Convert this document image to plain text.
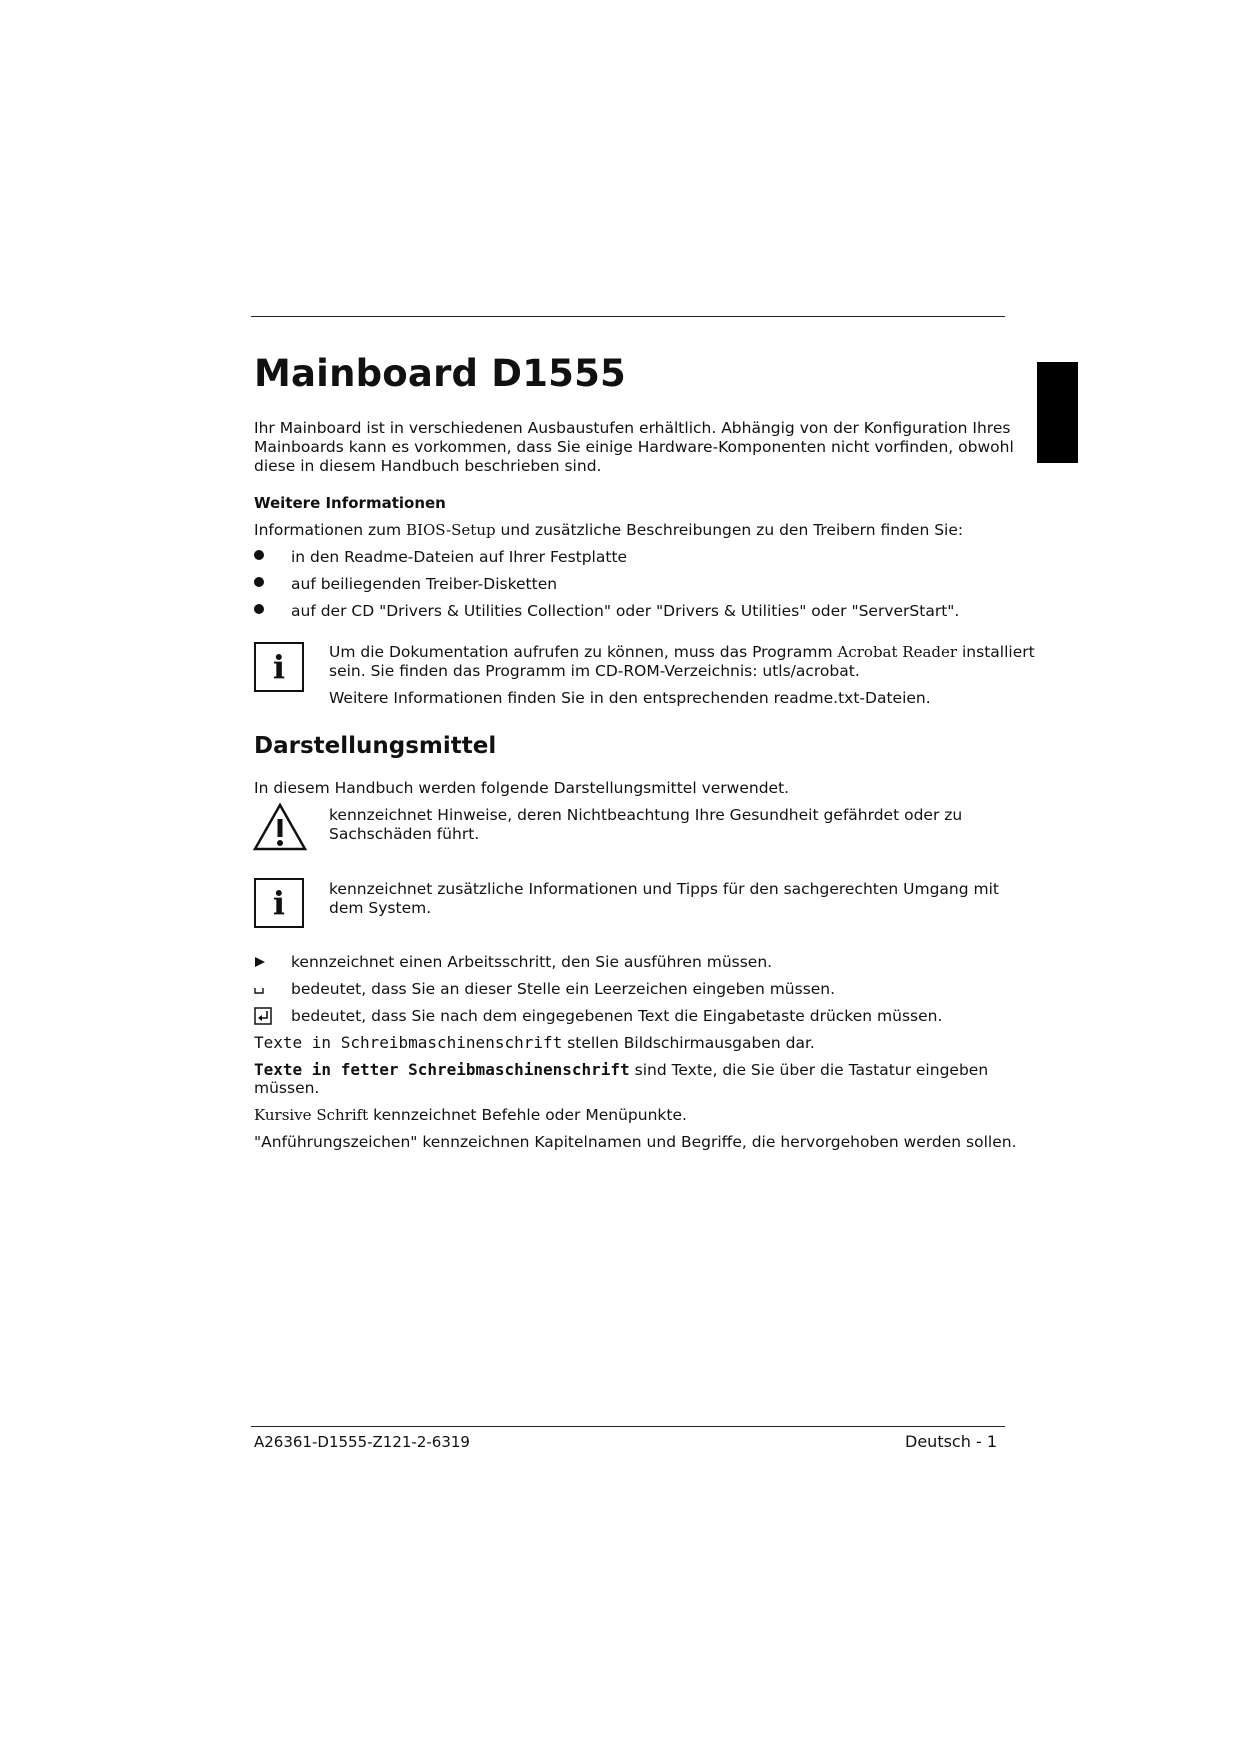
Mainboard D1555
Ihr Mainboard ist in verschiedenen Ausbaustufen erhältlich. Abhängig von der Konfiguration Ihres
Mainboards kann es vorkommen, dass Sie einige Hardware-Komponenten nicht vorfinden, obwohl
diese in diesem Handbuch beschrieben sind.
Weitere Informationen
Informationen zum BIOS-Setup und zusätzliche Beschreibungen zu den Treibern finden Sie:
in den Readme-Dateien auf Ihrer Festplatte
auf beiliegenden Treiber-Disketten
auf der CD "Drivers & Utilities Collection" oder "Drivers & Utilities" oder "ServerStart".
i	Um die Dokumentation aufrufen zu können, muss das Programm Acrobat Reader installiert
sein. Sie finden das Programm im CD-ROM-Verzeichnis: utls/acrobat.
Weitere Informationen finden Sie in den entsprechenden readme.txt-Dateien.
Darstellungsmittel
In diesem Handbuch werden folgende Darstellungsmittel verwendet.
kennzeichnet Hinweise, deren Nichtbeachtung Ihre Gesundheit gefährdet oder zu
Sachschäden führt.
i	kennzeichnet zusätzliche Informationen und Tipps für den sachgerechten Umgang mit
dem System.
kennzeichnet einen Arbeitsschritt, den Sie ausführen müssen.
bedeutet, dass Sie an dieser Stelle ein Leerzeichen eingeben müssen.
bedeutet, dass Sie nach dem eingegebenen Text die Eingabetaste drücken müssen.
Texte in Schreibmaschinenschrift stellen Bildschirmausgaben dar.
Texte in fetter Schreibmaschinenschrift sind Texte, die Sie über die Tastatur eingeben
müssen.
Kursive Schrift kennzeichnet Befehle oder Menüpunkte.
"Anführungszeichen" kennzeichnen Kapitelnamen und Begriffe, die hervorgehoben werden sollen.
A26361-D1555-Z121-2-6319	Deutsch - 1
